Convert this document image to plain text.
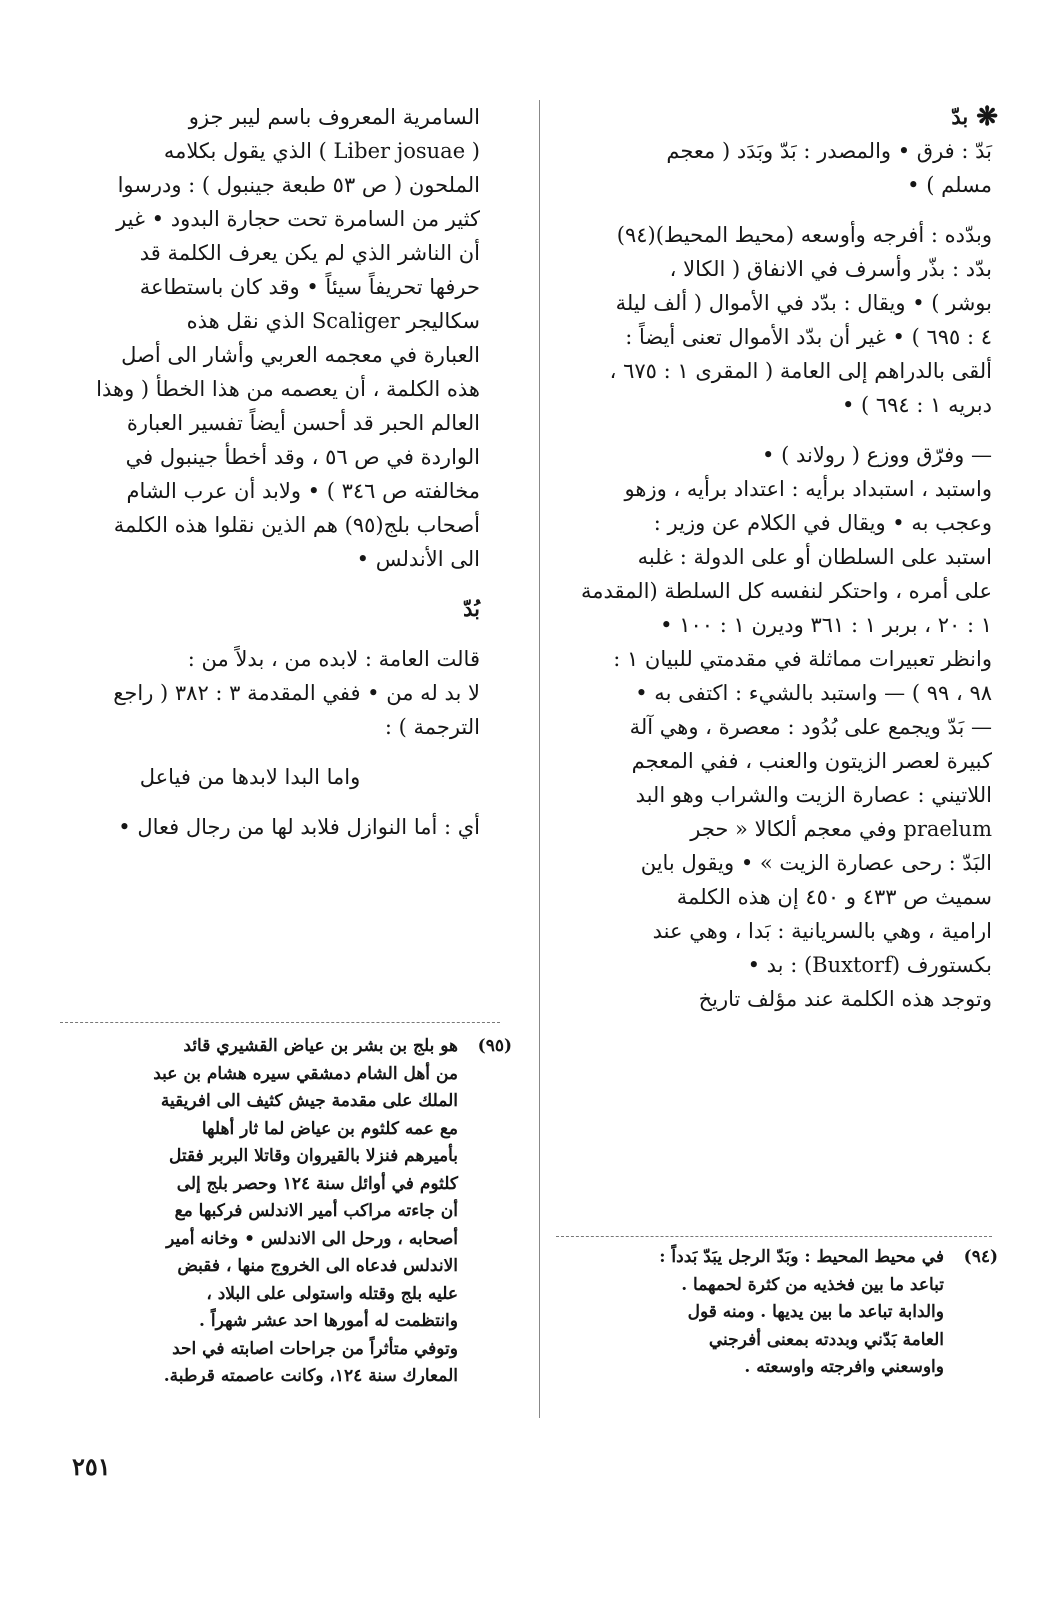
❋
بدّ
بَدّ : فرق • والمصدر : بَدّ وبَدَد ( معجم
مسلم ) •
وبدّده : أفرجه وأوسعه (محيط المحيط)(٩٤)
بدّد : بذّر وأسرف في الانفاق ( الكالا ،
بوشر ) • ويقال : بدّد في الأموال ( ألف ليلة
٤ : ٦٩٥ ) • غير أن بدّد الأموال تعنى أيضاً :
ألقى بالدراهم إلى العامة ( المقرى ١ : ٦٧٥ ،
دبريه ١ : ٦٩٤ ) •
— وفرّق ووزع ( رولاند ) •
واستبد ، استبداد برأيه : اعتداد برأيه ، وزهو
وعجب به • ويقال في الكلام عن وزير :
استبد على السلطان أو على الدولة : غلبه
على أمره ، واحتكر لنفسه كل السلطة (المقدمة
١ : ٢٠ ، بربر ١ : ٣٦١ وديرن ١ : ١٠٠ •
وانظر تعبيرات مماثلة في مقدمتي للبيان ١ :
٩٨ ، ٩٩ ) — واستبد بالشيء : اكتفى به •
— بَدّ ويجمع على بُدُود : معصرة ، وهي آلة
كبيرة لعصر الزيتون والعنب ، ففي المعجم
اللاتيني : عصارة الزيت والشراب وهو البد
praelum وفي معجم ألكالا « حجر
البَدّ : رحى عصارة الزيت » • ويقول باين
سميث ص ٤٣٣ و ٤٥٠ إن هذه الكلمة
ارامية ، وهي بالسريانية : بَدا ، وهي عند
بكستورف (Buxtorf) : بد •
وتوجد هذه الكلمة عند مؤلف تاريخ
السامرية المعروف باسم ليبر جزو
( Liber josuae ) الذي يقول بكلامه
الملحون ( ص ٥٣ طبعة جينبول ) : ودرسوا
كثير من السامرة تحت حجارة البدود • غير
أن الناشر الذي لم يكن يعرف الكلمة قد
حرفها تحريفاً سيئاً • وقد كان باستطاعة
سكاليجر Scaliger الذي نقل هذه
العبارة في معجمه العربي وأشار الى أصل
هذه الكلمة ، أن يعصمه من هذا الخطأ ( وهذا
العالم الحبر قد أحسن أيضاً تفسير العبارة
الواردة في ص ٥٦ ، وقد أخطأ جينبول في
مخالفته ص ٣٤٦ ) • ولابد أن عرب الشام
أصحاب بلج(٩٥) هم الذين نقلوا هذه الكلمة
الى الأندلس •
بُدّ
قالت العامة : لابده من ، بدلاً من :
لا بد له من • ففي المقدمة ٣ : ٣٨٢ ( راجع
الترجمة ) :
واما البدا لابدها من فياعل
أي : أما النوازل فلابد لها من رجال فعال •
(٩٥)
هو بلج بن بشر بن عياض القشيري قائد
من أهل الشام دمشقي سيره هشام بن عبد
الملك على مقدمة جيش كثيف الى افريقية
مع عمه كلثوم بن عياض لما ثار أهلها
بأميرهم فنزلا بالقيروان وقاتلا البربر فقتل
كلثوم في أوائل سنة ١٢٤ وحصر بلج إلى
أن جاءته مراكب أمير الاندلس فركبها مع
أصحابه ، ورحل الى الاندلس • وخانه أمير
الاندلس فدعاه الى الخروج منها ، فقبض
عليه بلج وقتله واستولى على البلاد ،
وانتظمت له أمورها احد عشر شهراً .
وتوفي متأثراً من جراحات اصابته في احد
المعارك سنة ١٢٤، وكانت عاصمته قرطبة.
(٩٤)
في محيط المحيط : وبَدّ الرجل يبَدّ بَدداً :
تباعد ما بين فخذيه من كثرة لحمهما .
والدابة تباعد ما بين يديها . ومنه قول
العامة بَدّني وبددته بمعنى أفرجني
واوسعني وافرجته واوسعته .
٢٥١
